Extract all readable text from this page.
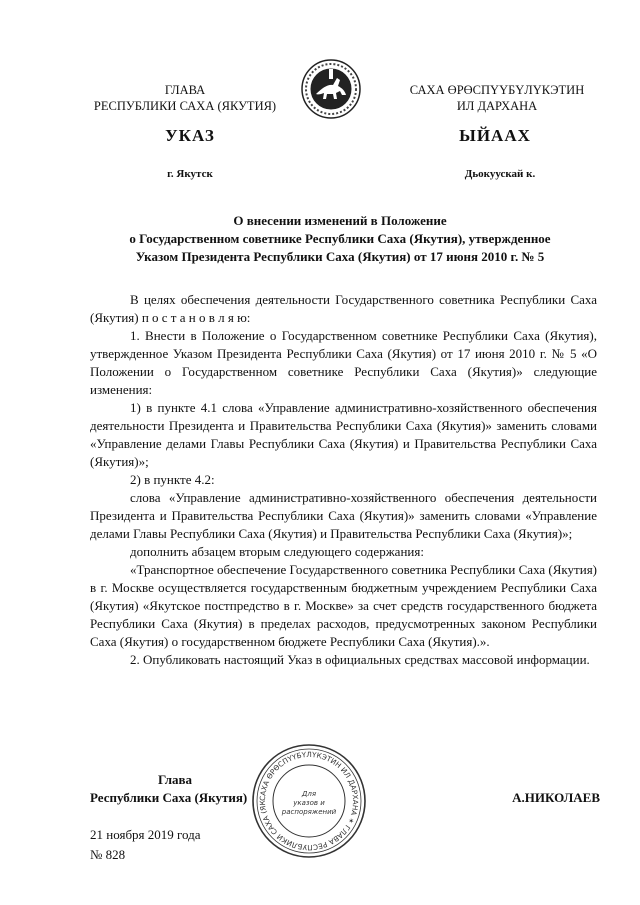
ГЛАВА
РЕСПУБЛИКИ САХА (ЯКУТИЯ)
САХА ӨРӨСПҮҮБҮЛҮКЭТИН
ИЛ ДАРХАНА
УКАЗ	ЫЙААХ
г. Якутск	Дьокуускай к.
О внесении изменений в Положение
о Государственном советнике Республики Саха (Якутия), утвержденное
Указом Президента Республики Саха (Якутия) от 17 июня 2010 г. № 5

В целях обеспечения деятельности Государственного советника Республики Саха (Якутия) п о с т а н о в л я ю:

1. Внести в Положение о Государственном советнике Республики Саха (Якутия), утвержденное Указом Президента Республики Саха (Якутия) от 17 июня 2010 г. № 5 «О Положении о Государственном советнике Республики Саха (Якутия)» следующие изменения:

1) в пункте 4.1 слова «Управление административно-хозяйственного обеспечения деятельности Президента и Правительства Республики Саха (Якутия)» заменить словами «Управление делами Главы Республики Саха (Якутия) и Правительства Республики Саха (Якутия)»;

2) в пункте 4.2:

слова «Управление административно-хозяйственного обеспечения деятельности Президента и Правительства Республики Саха (Якутия)» заменить словами «Управление делами Главы Республики Саха (Якутия) и Правительства Республики Саха (Якутия)»;

дополнить абзацем вторым следующего содержания:

«Транспортное обеспечение Государственного советника Республики Саха (Якутия) в г. Москве осуществляется государственным бюджетным учреждением Республики Саха (Якутия) «Якутское постпредство в г. Москве» за счет средств государственного бюджета Республики Саха (Якутия) в пределах расходов, предусмотренных законом Республики Саха (Якутия) о государственном бюджете Республики Саха (Якутия).».

2. Опубликовать настоящий Указ в официальных средствах массовой информации.

САХА ӨРӨСПҮҮБҮЛҮКЭТИН ИЛ ДАРХАНА ✶ ГЛАВА РЕСПУБЛИКИ САХА (ЯК
Для
указов и
распоряжений
Глава
Республики Саха (Якутия)	А.НИКОЛАЕВ
21 ноября 2019 года
№ 828
